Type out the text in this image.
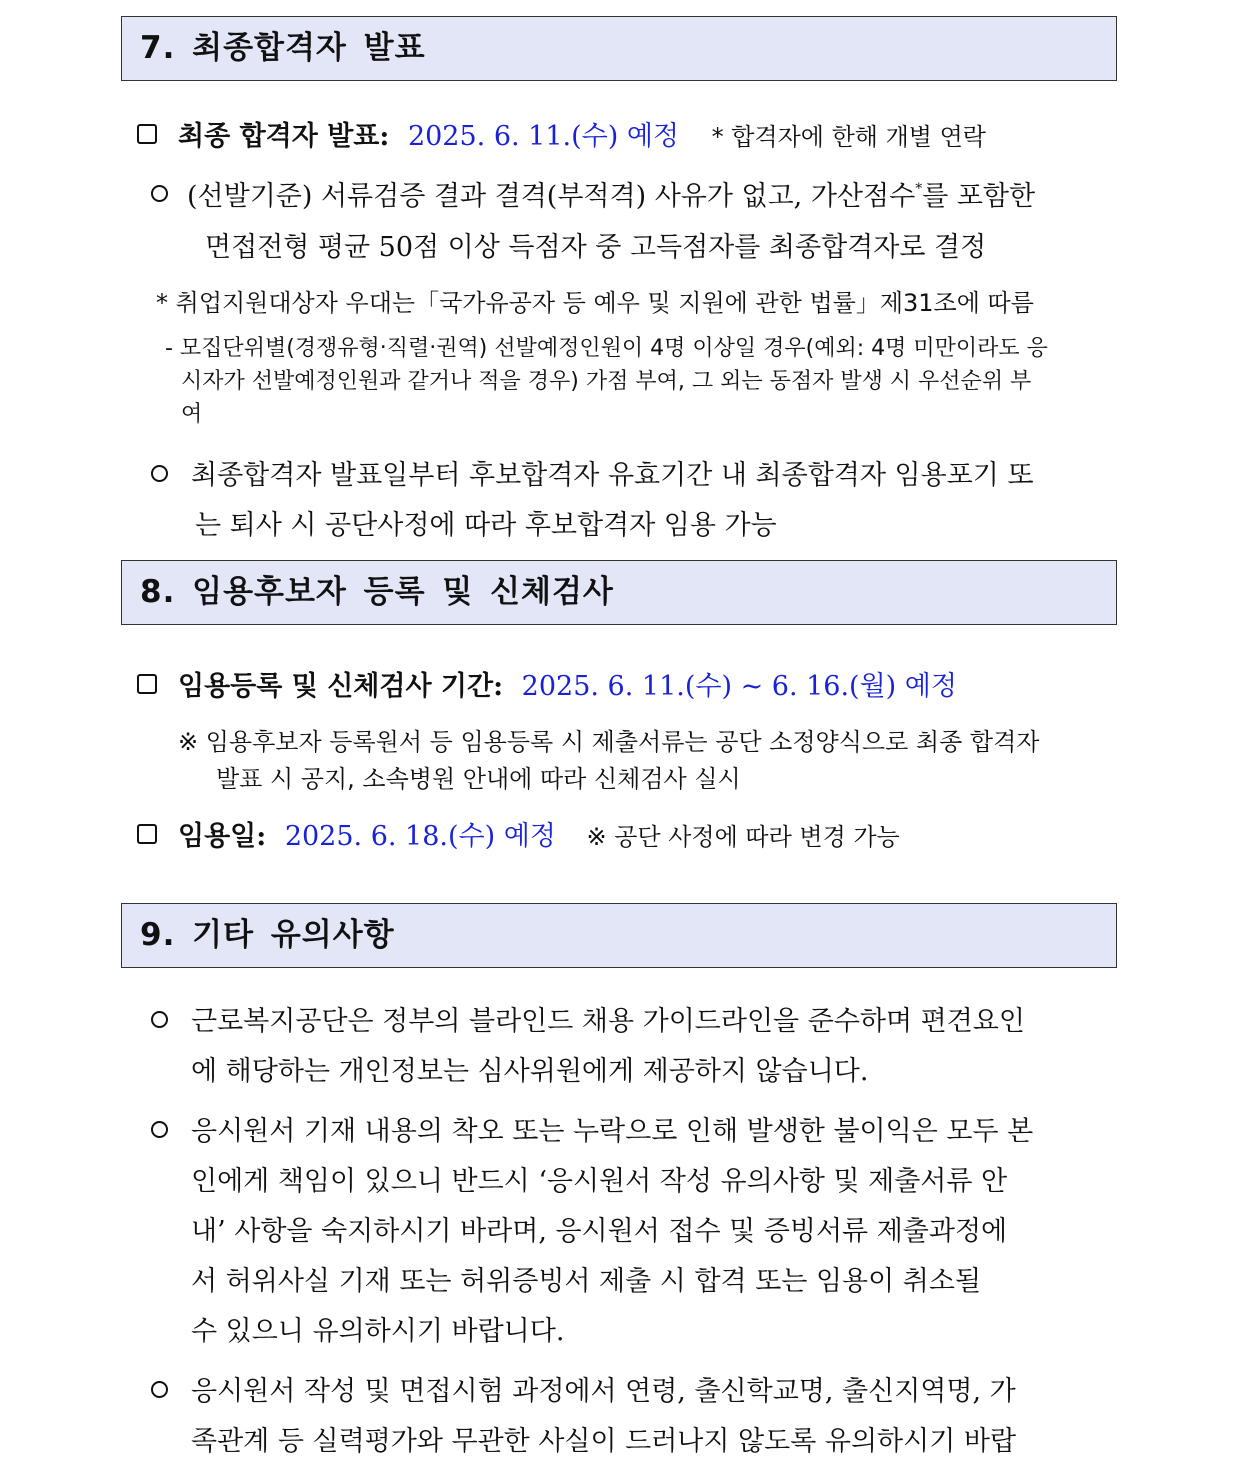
7. 최종합격자 발표
최종 합격자 발표: 2025. 6. 11.(수) 예정 * 합격자에 한해 개별 연락
(선발기준) 서류검증 결과 결격(부적격) 사유가 없고, 가산점수*를 포함한
면접전형 평균 50점 이상 득점자 중 고득점자를 최종합격자로 결정
* 취업지원대상자 우대는「국가유공자 등 예우 및 지원에 관한 법률」제31조에 따름
- 모집단위별(경쟁유형‧직렬‧권역) 선발예정인원이 4명 이상일 경우(예외: 4명 미만이라도 응
시자가 선발예정인원과 같거나 적을 경우) 가점 부여, 그 외는 동점자 발생 시 우선순위 부
여
최종합격자 발표일부터 후보합격자 유효기간 내 최종합격자 임용포기 또
는 퇴사 시 공단사정에 따라 후보합격자 임용 가능
8. 임용후보자 등록 및 신체검사
임용등록 및 신체검사 기간: 2025. 6. 11.(수) ~ 6. 16.(월) 예정
※ 임용후보자 등록원서 등 임용등록 시 제출서류는 공단 소정양식으로 최종 합격자
발표 시 공지, 소속병원 안내에 따라 신체검사 실시
임용일: 2025. 6. 18.(수) 예정 ※ 공단 사정에 따라 변경 가능
9. 기타 유의사항
근로복지공단은 정부의 블라인드 채용 가이드라인을 준수하며 편견요인
에 해당하는 개인정보는 심사위원에게 제공하지 않습니다.
응시원서 기재 내용의 착오 또는 누락으로 인해 발생한 불이익은 모두 본
인에게 책임이 있으니 반드시 ‘응시원서 작성 유의사항 및 제출서류 안
내’ 사항을 숙지하시기 바라며, 응시원서 접수 및 증빙서류 제출과정에
서 허위사실 기재 또는 허위증빙서 제출 시 합격 또는 임용이 취소될
수 있으니 유의하시기 바랍니다.
응시원서 작성 및 면접시험 과정에서 연령, 출신학교명, 출신지역명, 가
족관계 등 실력평가와 무관한 사실이 드러나지 않도록 유의하시기 바랍
